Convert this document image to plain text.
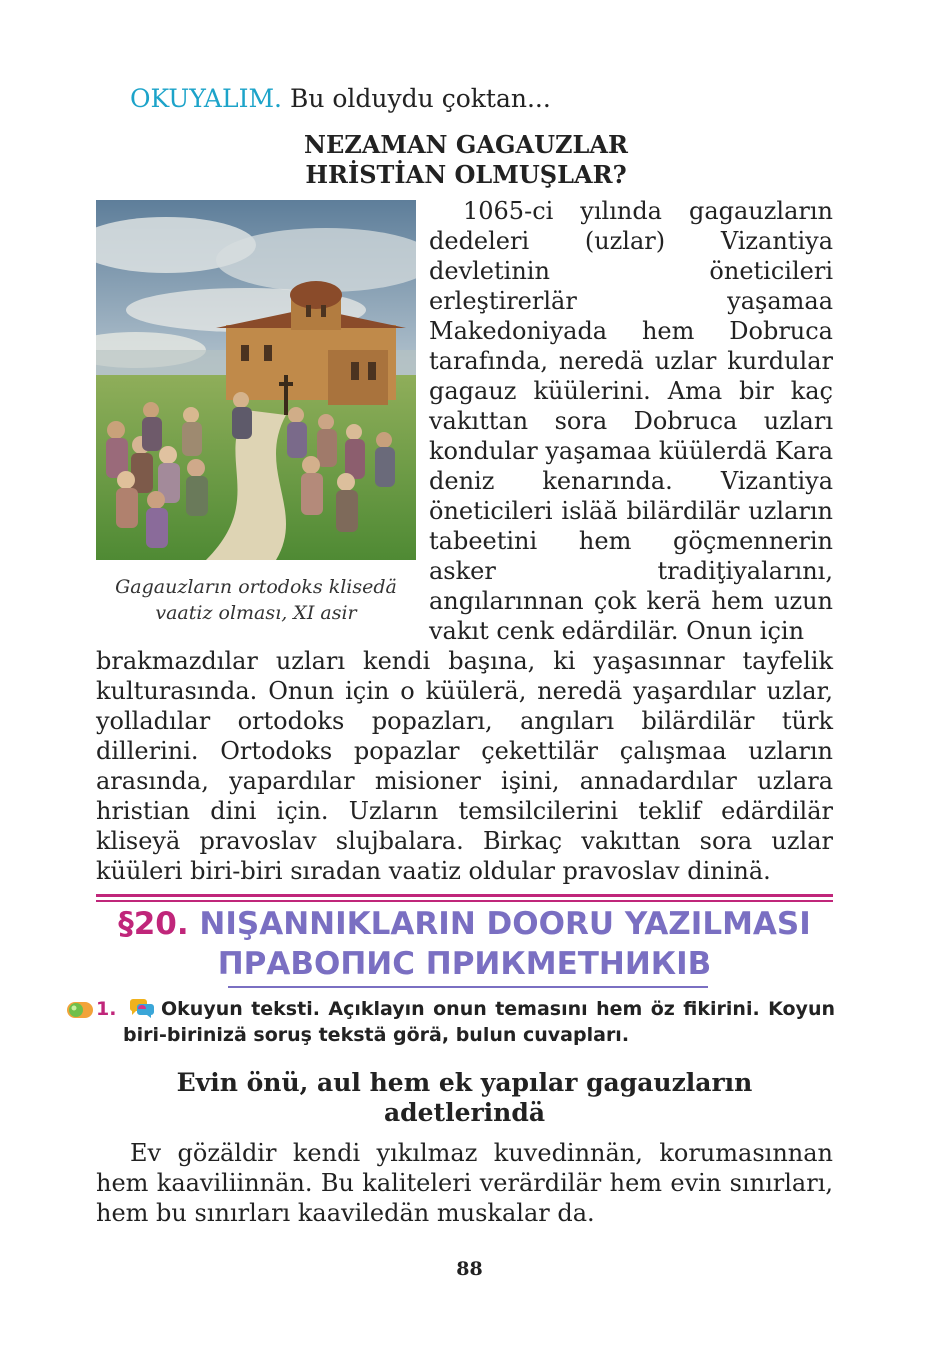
OKUYALIM. Bu olduydu çoktan...
NEZAMAN GAGAUZLAR
HRİSTİAN OLMUŞLAR?
Gagauzların ortodoks klisedä
vaatiz olması, XI asir
1065-ci yılında gagauzların dedeleri (uzlar) Vizantiya devletinin öneticileri erleştirerlär yaşamaa Makedoniyada hem Dobruca tarafında, neredä uzlar kurdular gagauz küülerini. Ama bir kaç vakıttan sora Dobruca uzları kondular yaşamaa küülerdä Kara deniz kenarında. Vizantiya öneticileri isläă bilärdilär uzların tabeetini hem göçmennerin asker tradiţiyalarını, angılarınnan çok kerä hem uzun vakıt cenk edärdilär. Onun için
brakmazdılar uzları kendi başına, ki yaşasınnar tayfelik kulturasında. Onun için o küülerä, neredä yaşardılar uzlar, yolladılar ortodoks popazları, angıları bilärdilär türk dillerini. Ortodoks popazlar çekettilär çalışmaa uzların arasında, yapardılar misioner işini, annadardılar uzlara hristian dini için. Uzların temsilcilerini teklif edärdilär kliseyä pravoslav slujbalara. Birkaç vakıttan sora uzlar küüleri biri-biri sıradan vaatiz oldular pravoslav dininä.
§20. NIŞANNIKLARIN DOORU YAZILMASI
ПРАВОПИС ПРИКМЕТНИКІВ
1.	Okuyun teksti. Açıklayın onun temasını hem öz fikirini. Koyun biri-birinizä soruş tekstä görä, bulun cuvapları.
Evin önü, aul hem ek yapılar gagauzların
adetlerindä
Ev gözäldir kendi yıkılmaz kuvedinnän, korumasınnan hem kaaviliinnän. Bu kaliteleri verärdilär hem evin sınırları, hem bu sınırları kaaviledän muskalar da.
88
